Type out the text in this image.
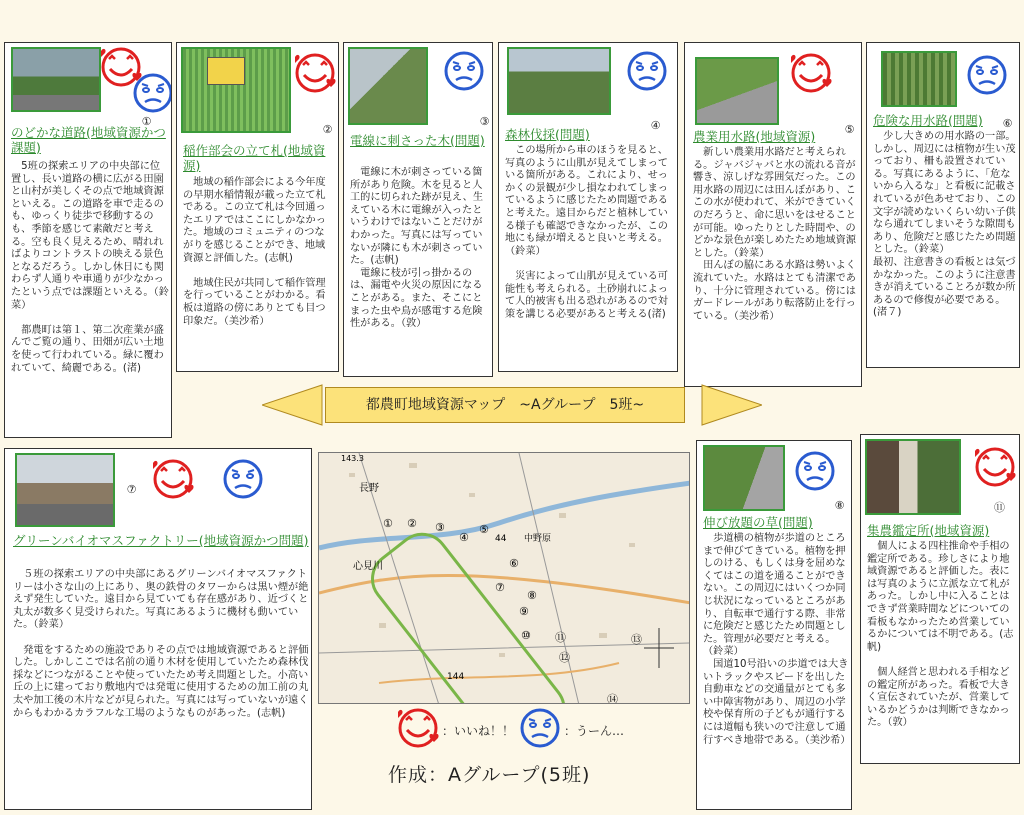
①
のどかな道路(地域資源かつ課題)
　5班の探索エリアの中央部に位置し、長い道路の横に広がる田園と山村が美しくその点で地域資源といえる。この道路を車で走るのも、ゆっくり徒歩で移動するのも、季節を感じて素敵だと考える。空も良く見えるため、晴れればよりコントラストの映える景色となるだろう。しかし休日にも関わらず人通りや車通りが少なかったという点では課題といえる。（鈴菜）

　都農町は第１、第二次産業が盛んでご覧の通り、田畑が広い土地を使って行われている。緑に覆われていて、綺麗である。(渚)
②
稲作部会の立て札(地域資源)
　地域の稲作部会による今年度の早期水稲情報が載った立て札である。この立て札は今回通ったエリアではここにしかなかった。地域のコミュニティのつながりを感じることができ、地域資源と評価した。(志帆)

　地域住民が共同して稲作管理を行っていることがわかる。看板は道路の傍にありとても目つ印象だ。（美沙希）
③
電線に刺さった木(問題)
　電線に木が刺さっている箇所があり危険。木を見ると人工的に切られた跡が見え、生えている木に電線が入ったというわけではないことだけがわかった。写真には写っていないが隣にも木が刺さっていた。(志帆)
　電線に枝が引っ掛かるのは、漏電や火災の原因になることがある。また、そこにとまった虫や鳥が感電する危険性がある。（敦）
④
森林伐採(問題)
　この場所から車のほうを見ると、写真のように山肌が見えてしまっている箇所がある。これにより、せっかくの景観が少し損なわれてしまっているように感じたため問題であると考えた。遠目からだと植林している様子も確認できなかったが、この地にも緑が増えると良いと考える。（鈴菜）

　災害によって山肌が見えている可能性も考えられる。土砂崩れによって人的被害も出る恐れがあるので対策を講じる必要があると考える(渚)
⑤
農業用水路(地域資源)
　新しい農業用水路だと考えられる。ジャバジャバと水の流れる音が響き、涼しげな雰囲気だった。この用水路の周辺には田んぼがあり、ここの水が使われて、米ができていくのだろうと、命に思いをはせることが可能。ゆったりとした時間や、のどかな景色が楽しめたため地域資源とした。（鈴菜）
　田んぼの脇にある水路は勢いよく流れていた。水路はとても清潔であり、十分に管理されている。傍にはガードレールがあり転落防止を行っている。（美沙希）
⑥
危険な用水路(問題)
　少し大きめの用水路の一部。しかし、周辺には植物が生い茂っており、柵も設置されている。写真にあるように、「危ないから入るな」と看板に記載されているが色あせており、この文字が読めないくらい幼い子供なら通れてしまいそうな隙間もあり、危険だと感じたため問題とした。（鈴菜）
最初、注意書きの看板とは気づかなかった。このように注意書きが消えていることろが数か所あるので修復が必要である。(渚７)
都農町地域資源マップ　~Aグループ　5班~
⑦
グリーンバイオマスファクトリー(地域資源かつ問題)
　５班の探索エリアの中央部にあるグリーンバイオマスファクトリーは小さな山の上にあり、奥の鉄骨のタワーからは黒い煙が絶えず発生していた。遠目から見ていても存在感があり、近づくと丸太が数多く見受けられた。写真にあるように機材も動いていた。（鈴菜）

　発電をするための施設でありその点では地域資源であると評価した。しかしここでは名前の通り木材を使用していたため森林伐採などにつながることや使っていたため考え問題とした。小高い丘の上に建っており敷地内では発電に使用するための加工前の丸太や加工後の木片などが見られた。写真には写っていないが遠くからもわかるカラフルな工場のようなものがあった。(志帆)
長野
心見川
144
44 中野原
143.3
① ② ③
④
⑤
⑥
⑦
⑧
⑨
⑩ ⑪
⑫
⑬
⑭
：いいね！！	：うーん…
作成：Aグループ(5班)
⑧
伸び放題の草(問題)
　歩道横の植物が歩道のところまで伸びてきている。植物を押しのける、もしくは身を屈めなくてはこの道を通ることができない。この周辺にはいくつか同じ状況になっているところがあり、自転車で通行する際、非常に危険だと感じたため問題とした。管理が必要だと考える。（鈴菜）
　国道10号沿いの歩道では大きいトラックやスピードを出した自動車などの交通量がとても多い中障害物があり、周辺の小学校や保育所の子どもが通行するには道幅も狭いので注意して通行すべき地帯である。（美沙希）
⑪
集農鑑定所(地域資源)
　個人による四柱推命や手相の鑑定所である。珍しさにより地域資源であると評価した。表には写真のように立派な立て札があった。しかし中に入ることはできず営業時間などについての看板もなかったため営業しているかについては不明である。(志帆)

　個人経営と思われる手相などの鑑定所があった。看板で大きく宣伝されていたが、営業しているかどうかは判断できなかった。（敦）
